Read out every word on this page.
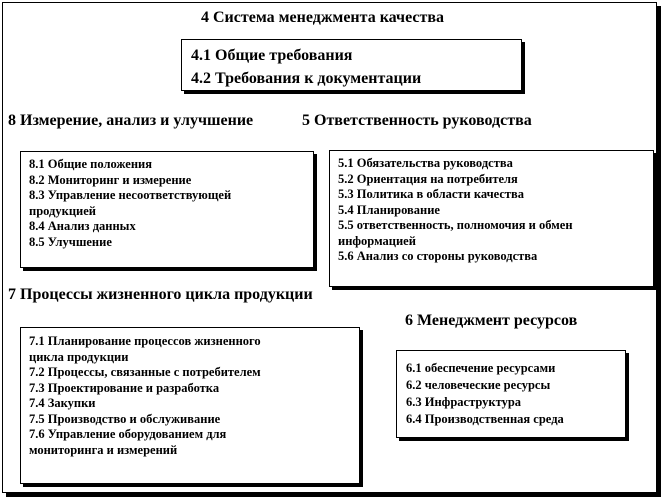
4 Система менеджмента качества
4.1 Общие требования
4.2 Требования к документации
8 Измерение, анализ и улучшение	5 Ответственность руководства
8.1 Общие положения
8.2 Мониторинг и измерение
8.3 Управление несоответствующей
продукцией
8.4 Анализ данных
8.5 Улучшение
5.1 Обязательства руководства
5.2 Ориентация на потребителя
5.3 Политика в области качества
5.4 Планирование
5.5 ответственность, полномочия и обмен
информацией
5.6 Анализ со стороны руководства
7 Процессы жизненного цикла продукции
6 Менеджмент ресурсов
7.1 Планирование процессов жизненного
цикла продукции
7.2 Процессы, связанные с потребителем
7.3 Проектирование и разработка
7.4 Закупки
7.5 Производство и обслуживание
7.6 Управление оборудованием для
мониторинга и измерений
6.1 обеспечение ресурсами
6.2 человеческие ресурсы
6.3 Инфраструктура
6.4 Производственная среда
